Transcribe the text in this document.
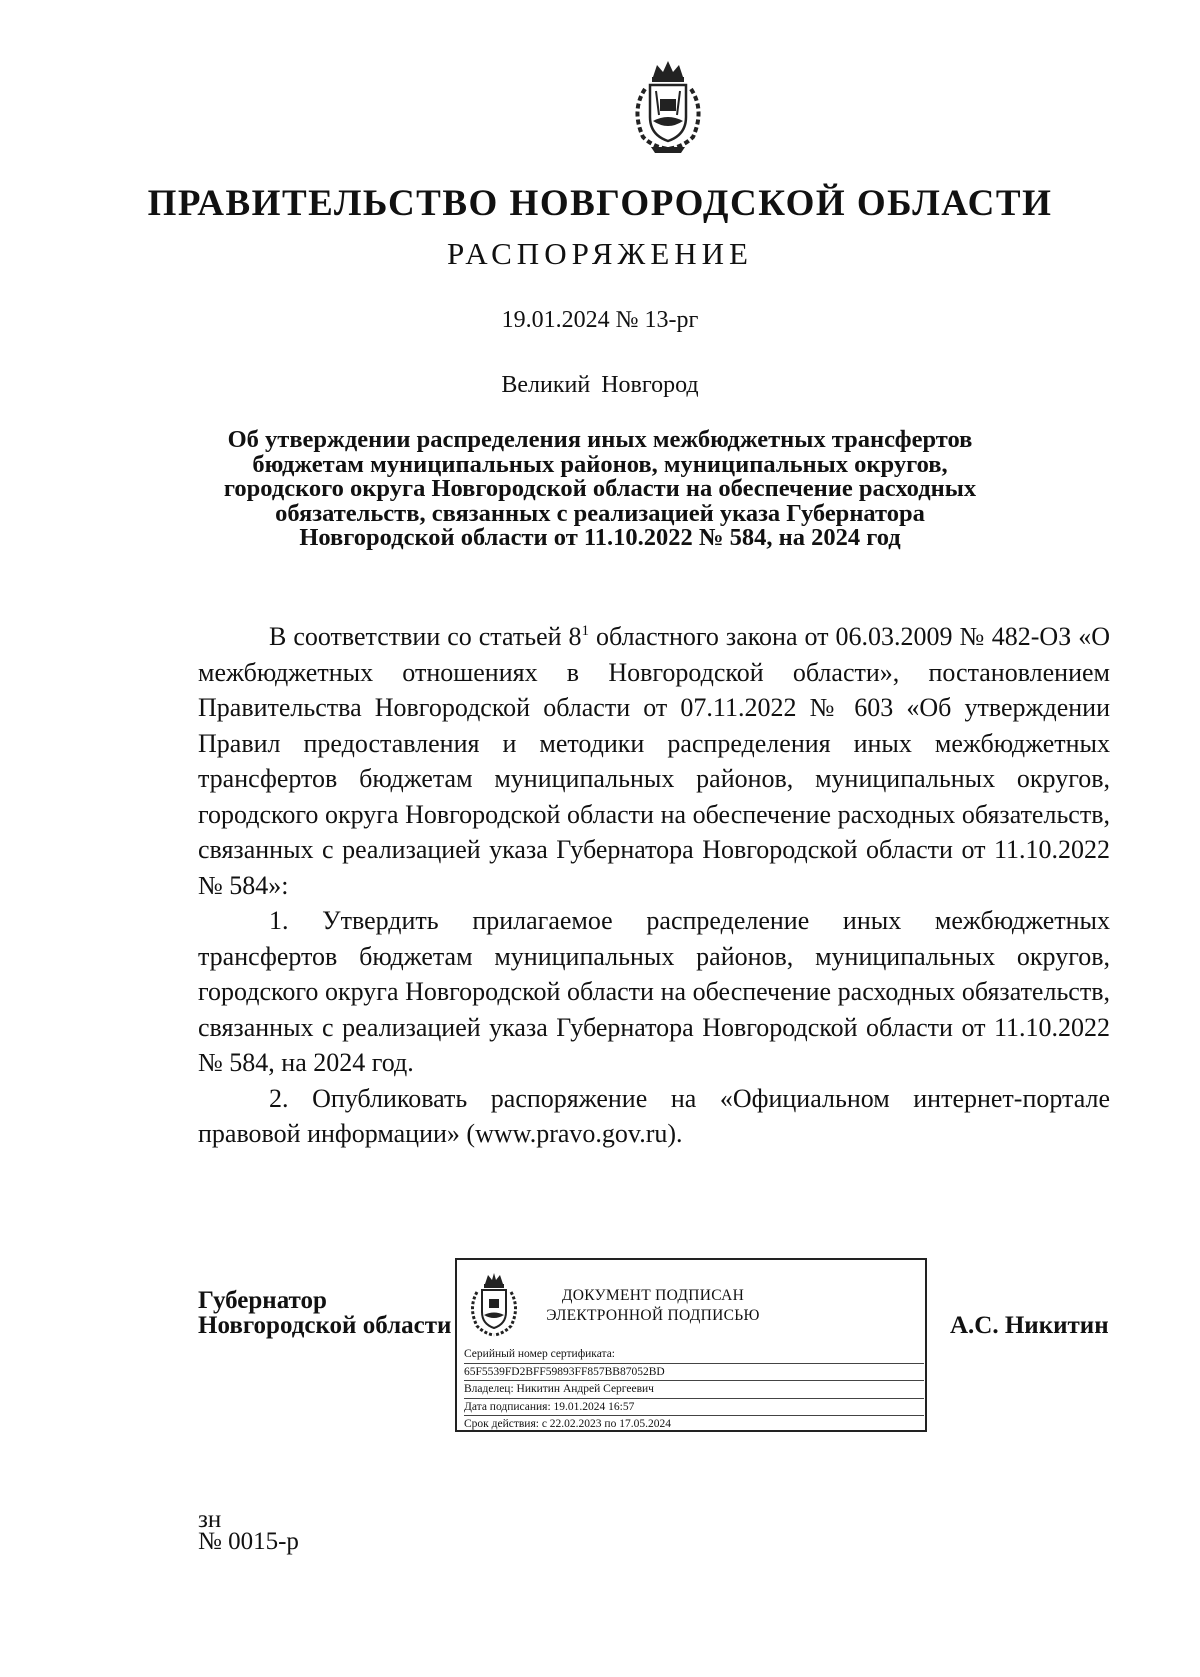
ПРАВИТЕЛЬСТВО НОВГОРОДСКОЙ ОБЛАСТИ
РАСПОРЯЖЕНИЕ
19.01.2024 № 13-рг
Великий Новгород
Об утверждении распределения иных межбюджетных трансфертов
бюджетам муниципальных районов, муниципальных округов,
городского округа Новгородской области на обеспечение расходных
обязательств, связанных с реализацией указа Губернатора
Новгородской области от 11.10.2022 № 584, на 2024 год

В соответствии со статьей $8^1$ областного закона от 06.03.2009 № 482-ОЗ «О межбюджетных отношениях в Новгородской области», постановлением Правительства Новгородской области от 07.11.2022 № 603 «Об утверждении Правил предоставления и методики распределения иных межбюджетных трансфертов бюджетам муниципальных районов, муниципальных округов, городского округа Новгородской области на обеспечение расходных обязательств, связанных с реализацией указа Губернатора Новгородской области от 11.10.2022 № 584»:

1. Утвердить прилагаемое распределение иных межбюджетных трансфертов бюджетам муниципальных районов, муниципальных округов, городского округа Новгородской области на обеспечение расходных обязательств, связанных с реализацией указа Губернатора Новгородской области от 11.10.2022 № 584, на 2024 год.

2. Опубликовать распоряжение на «Официальном интернет-портале правовой информации» (www.pravo.gov.ru).

Губернатор
Новгородской области
ДОКУМЕНТ ПОДПИСАН
ЭЛЕКТРОННОЙ ПОДПИСЬЮ
Серийный номер сертификата:
65F5539FD2BFF59893FF857BB87052BD
Владелец: Никитин Андрей Сергеевич
Дата подписания: 19.01.2024 16:57
Срок действия: с 22.02.2023 по 17.05.2024
А.С. Никитин
зн
№ 0015-р
